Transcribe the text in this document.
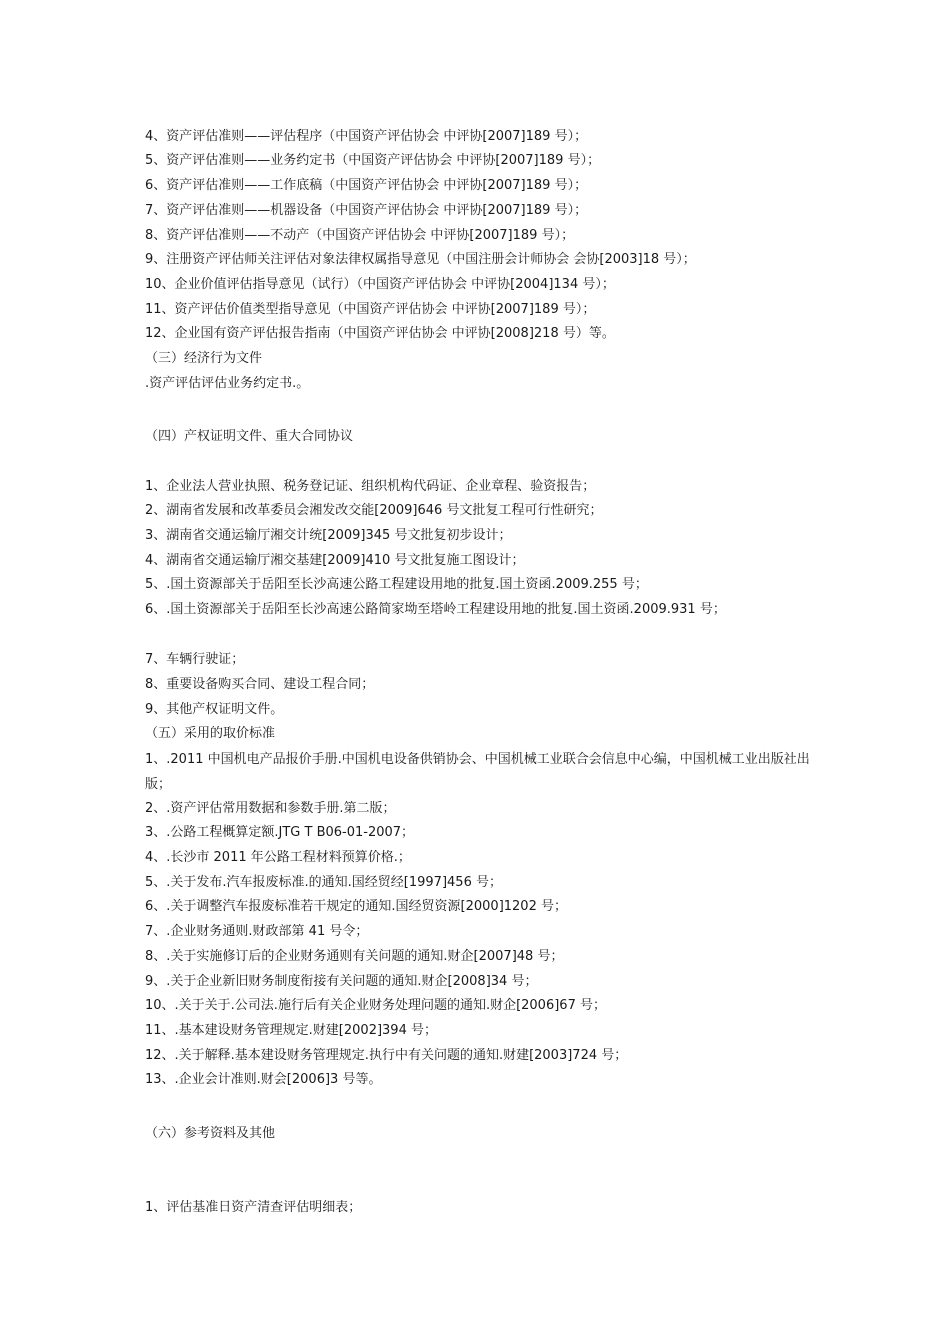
4、资产评估准则——评估程序（中国资产评估协会 中评协[2007]189 号）；
5、资产评估准则——业务约定书（中国资产评估协会 中评协[2007]189 号）；
6、资产评估准则——工作底稿（中国资产评估协会 中评协[2007]189 号）；
7、资产评估准则——机器设备（中国资产评估协会 中评协[2007]189 号）；
8、资产评估准则——不动产（中国资产评估协会 中评协[2007]189 号）；
9、注册资产评估师关注评估对象法律权属指导意见（中国注册会计师协会 会协[2003]18 号）；
10、企业价值评估指导意见（试行）（中国资产评估协会 中评协[2004]134 号）；
11、资产评估价值类型指导意见（中国资产评估协会 中评协[2007]189 号）；
12、企业国有资产评估报告指南（中国资产评估协会 中评协[2008]218 号）等。
（三）经济行为文件
.资产评估评估业务约定书.。
（四）产权证明文件、重大合同协议
1、企业法人营业执照、税务登记证、组织机构代码证、企业章程、验资报告；
2、湖南省发展和改革委员会湘发改交能[2009]646 号文批复工程可行性研究；
3、湖南省交通运输厅湘交计统[2009]345 号文批复初步设计；
4、湖南省交通运输厅湘交基建[2009]410 号文批复施工图设计；
5、.国土资源部关于岳阳至长沙高速公路工程建设用地的批复.国土资函.2009.255 号；
6、.国土资源部关于岳阳至长沙高速公路简家坳至塔岭工程建设用地的批复.国土资函.2009.931 号；
7、车辆行驶证；
8、重要设备购买合同、建设工程合同；
9、其他产权证明文件。
（五）采用的取价标准
1、.2011 中国机电产品报价手册.中国机电设备供销协会、中国机械工业联合会信息中心编，中国机械工业出版社出版；
2、.资产评估常用数据和参数手册.第二版；
3、.公路工程概算定额.JTG T B06-01-2007；
4、.长沙市 2011 年公路工程材料预算价格.；
5、.关于发布.汽车报废标准.的通知.国经贸经[1997]456 号；
6、.关于调整汽车报废标准若干规定的通知.国经贸资源[2000]1202 号；
7、.企业财务通则.财政部第 41 号令；
8、.关于实施修订后的企业财务通则有关问题的通知.财企[2007]48 号；
9、.关于企业新旧财务制度衔接有关问题的通知.财企[2008]34 号；
10、.关于关于.公司法.施行后有关企业财务处理问题的通知.财企[2006]67 号；
11、.基本建设财务管理规定.财建[2002]394 号；
12、.关于解释.基本建设财务管理规定.执行中有关问题的通知.财建[2003]724 号；
13、.企业会计准则.财会[2006]3 号等。
（六）参考资料及其他
1、评估基准日资产清查评估明细表；
